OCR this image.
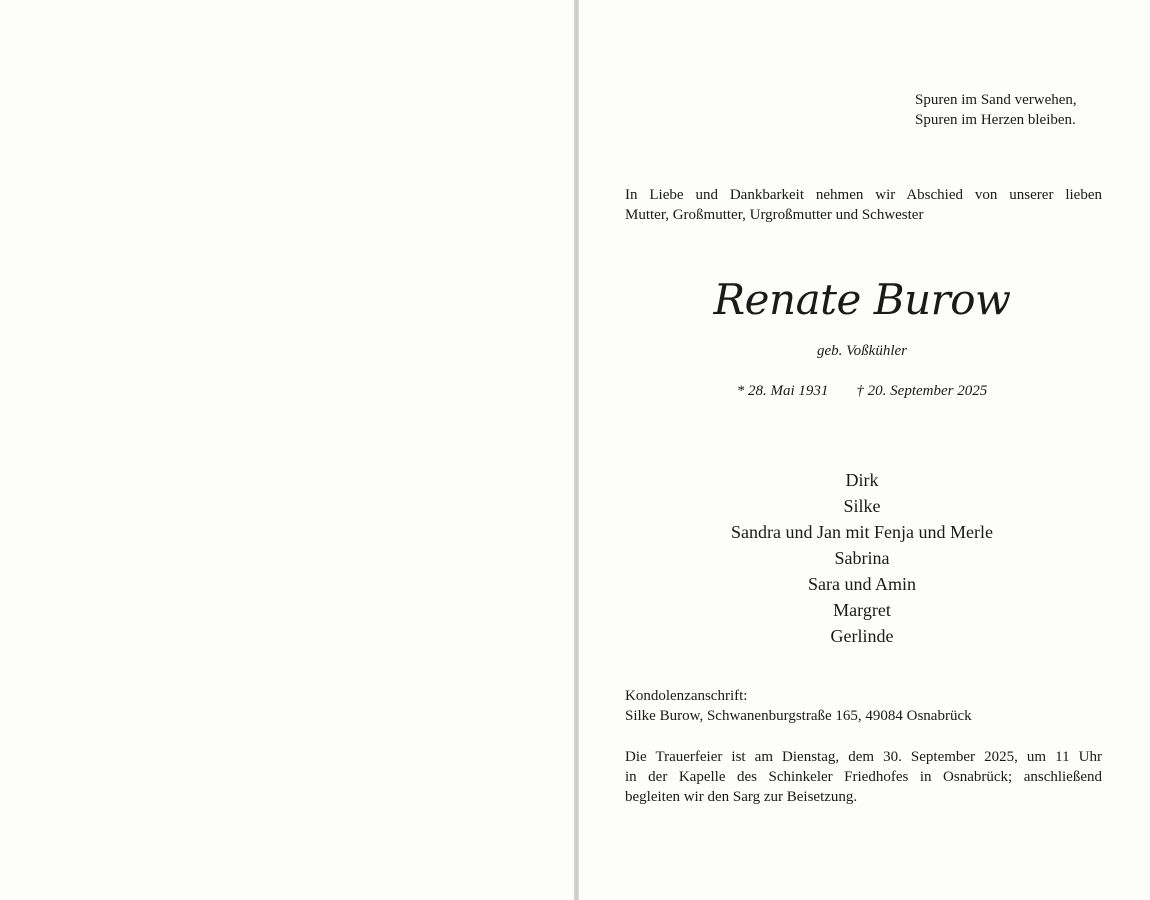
Spuren im Sand verwehen,
Spuren im Herzen bleiben.
In Liebe und Dankbarkeit nehmen wir Abschied von unserer lieben
Mutter, Großmutter, Urgroßmutter und Schwester
Renate Burow
geb. Voßkühler
* 28. Mai 1931 † 20. September 2025
Dirk
Silke
Sandra und Jan mit Fenja und Merle
Sabrina
Sara und Amin
Margret
Gerlinde
Kondolenzanschrift:
Silke Burow, Schwanenburgstraße 165, 49084 Osnabrück
Die Trauerfeier ist am Dienstag, dem 30. September 2025, um 11 Uhr
in der Kapelle des Schinkeler Friedhofes in Osnabrück; anschließend
begleiten wir den Sarg zur Beisetzung.
